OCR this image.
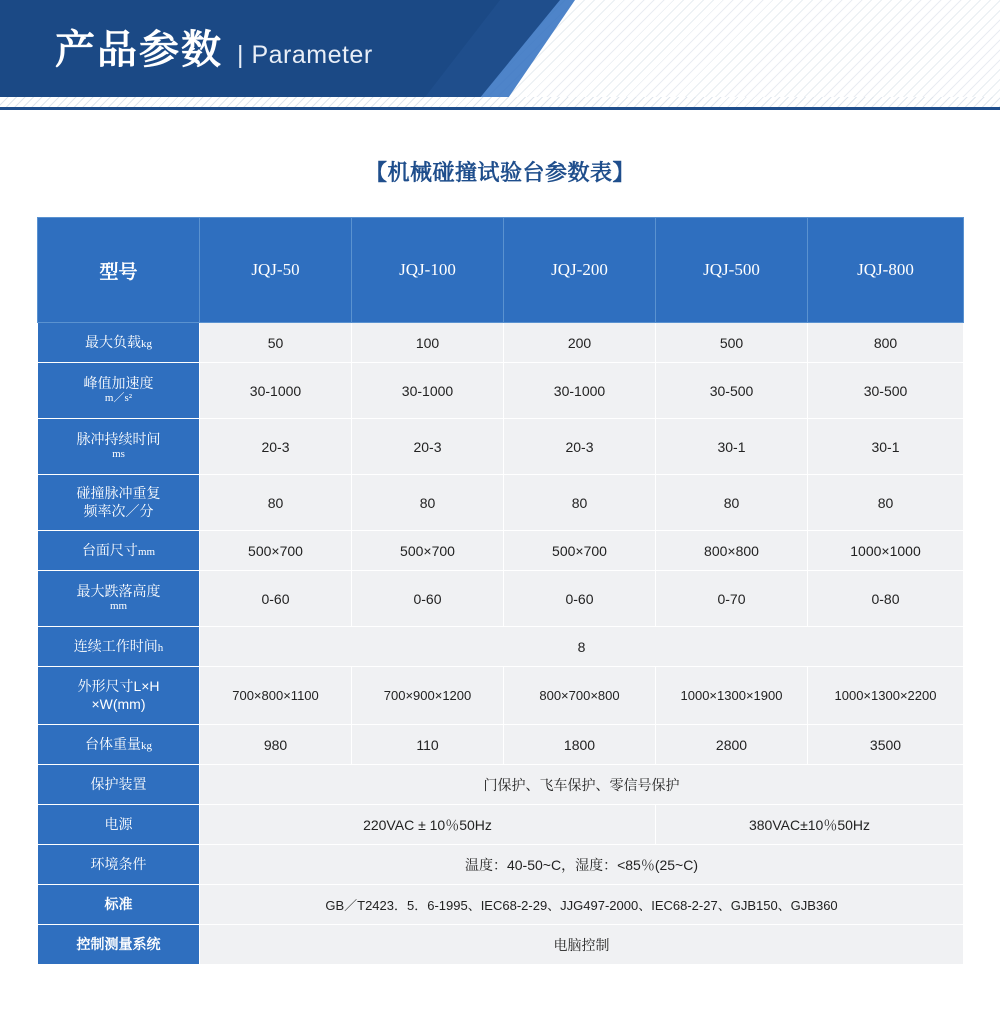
产品参数 | Parameter
【机械碰撞试验台参数表】
型号	JQJ-50	JQJ-100	JQJ-200	JQJ-500	JQJ-800
最大负载kg	50	100	200	500	800

峰值加速度
m／s²	30-1000	30-1000	30-1000	30-500	30-500

脉冲持续时间
ms	20-3	20-3	20-3	30-1	30-1

碰撞脉冲重复
频率次／分	80	80	80	80	80
台面尺寸mm	500×700	500×700	500×700	800×800	1000×1000

最大跌落高度
mm	0-60	0-60	0-60	0-70	0-80
连续工作时间h	8				

外形尺寸L×H
×W(mm)	700×800×1100	700×900×1200	800×700×800	1000×1300×1900	1000×1300×2200
台体重量kg	980	110	1800	2800	3500
保护装置	门保护、飞车保护、零信号保护				
电源	220VAC ± 10％50Hz			380VAC±10％50Hz	
环境条件	温度：40-50~C，湿度：<85％(25~C)				
标准	GB／T2423．5．6-1995、IEC68-2-29、JJG497-2000、IEC68-2-27、GJB150、GJB360				
控制测量系统	电脑控制				
